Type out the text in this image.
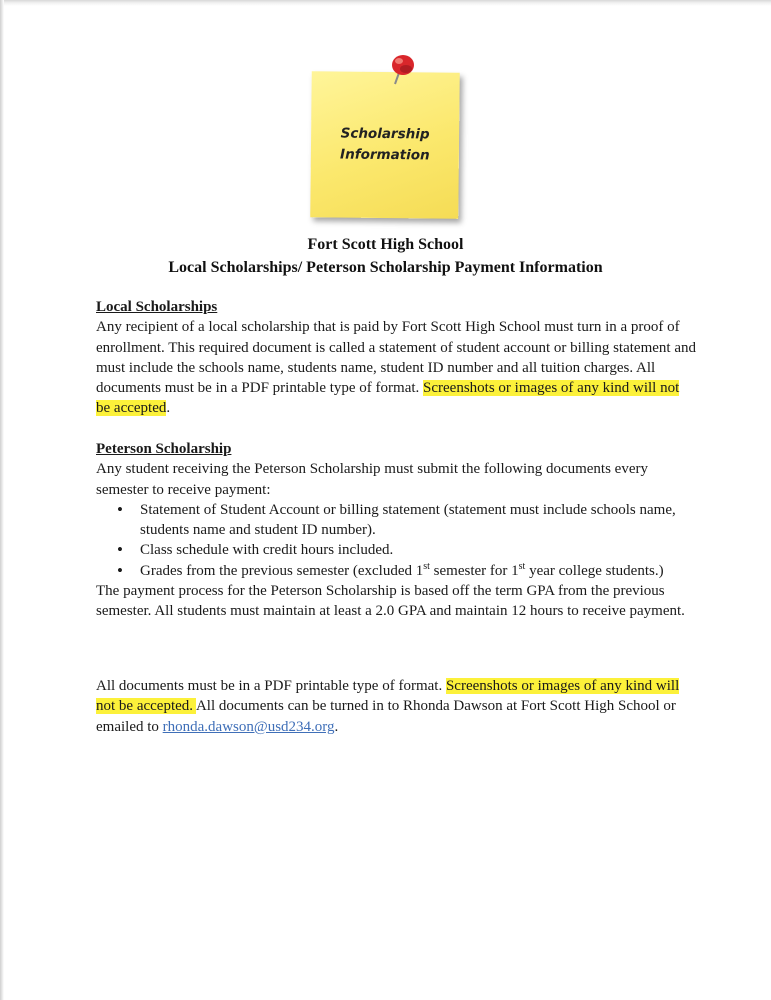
Scholarship
Information
Fort Scott High School
Local Scholarships/ Peterson Scholarship Payment Information
Local Scholarships
Any recipient of a local scholarship that is paid by Fort Scott High School must turn in a proof of enrollment. This required document is called a statement of student account or billing statement and must include the schools name, students name, student ID number and all tuition charges. All documents must be in a PDF printable type of format. Screenshots or images of any kind will not be accepted.
Peterson Scholarship
Any student receiving the Peterson Scholarship must submit the following documents every semester to receive payment:
• Statement of Student Account or billing statement (statement must include schools name, students name and student ID number).
• Class schedule with credit hours included.
• Grades from the previous semester (excluded 1st semester for 1st year college students.)
The payment process for the Peterson Scholarship is based off the term GPA from the previous semester. All students must maintain at least a 2.0 GPA and maintain 12 hours to receive payment.
All documents must be in a PDF printable type of format. Screenshots or images of any kind will not be accepted. All documents can be turned in to Rhonda Dawson at Fort Scott High School or emailed to rhonda.dawson@usd234.org.
